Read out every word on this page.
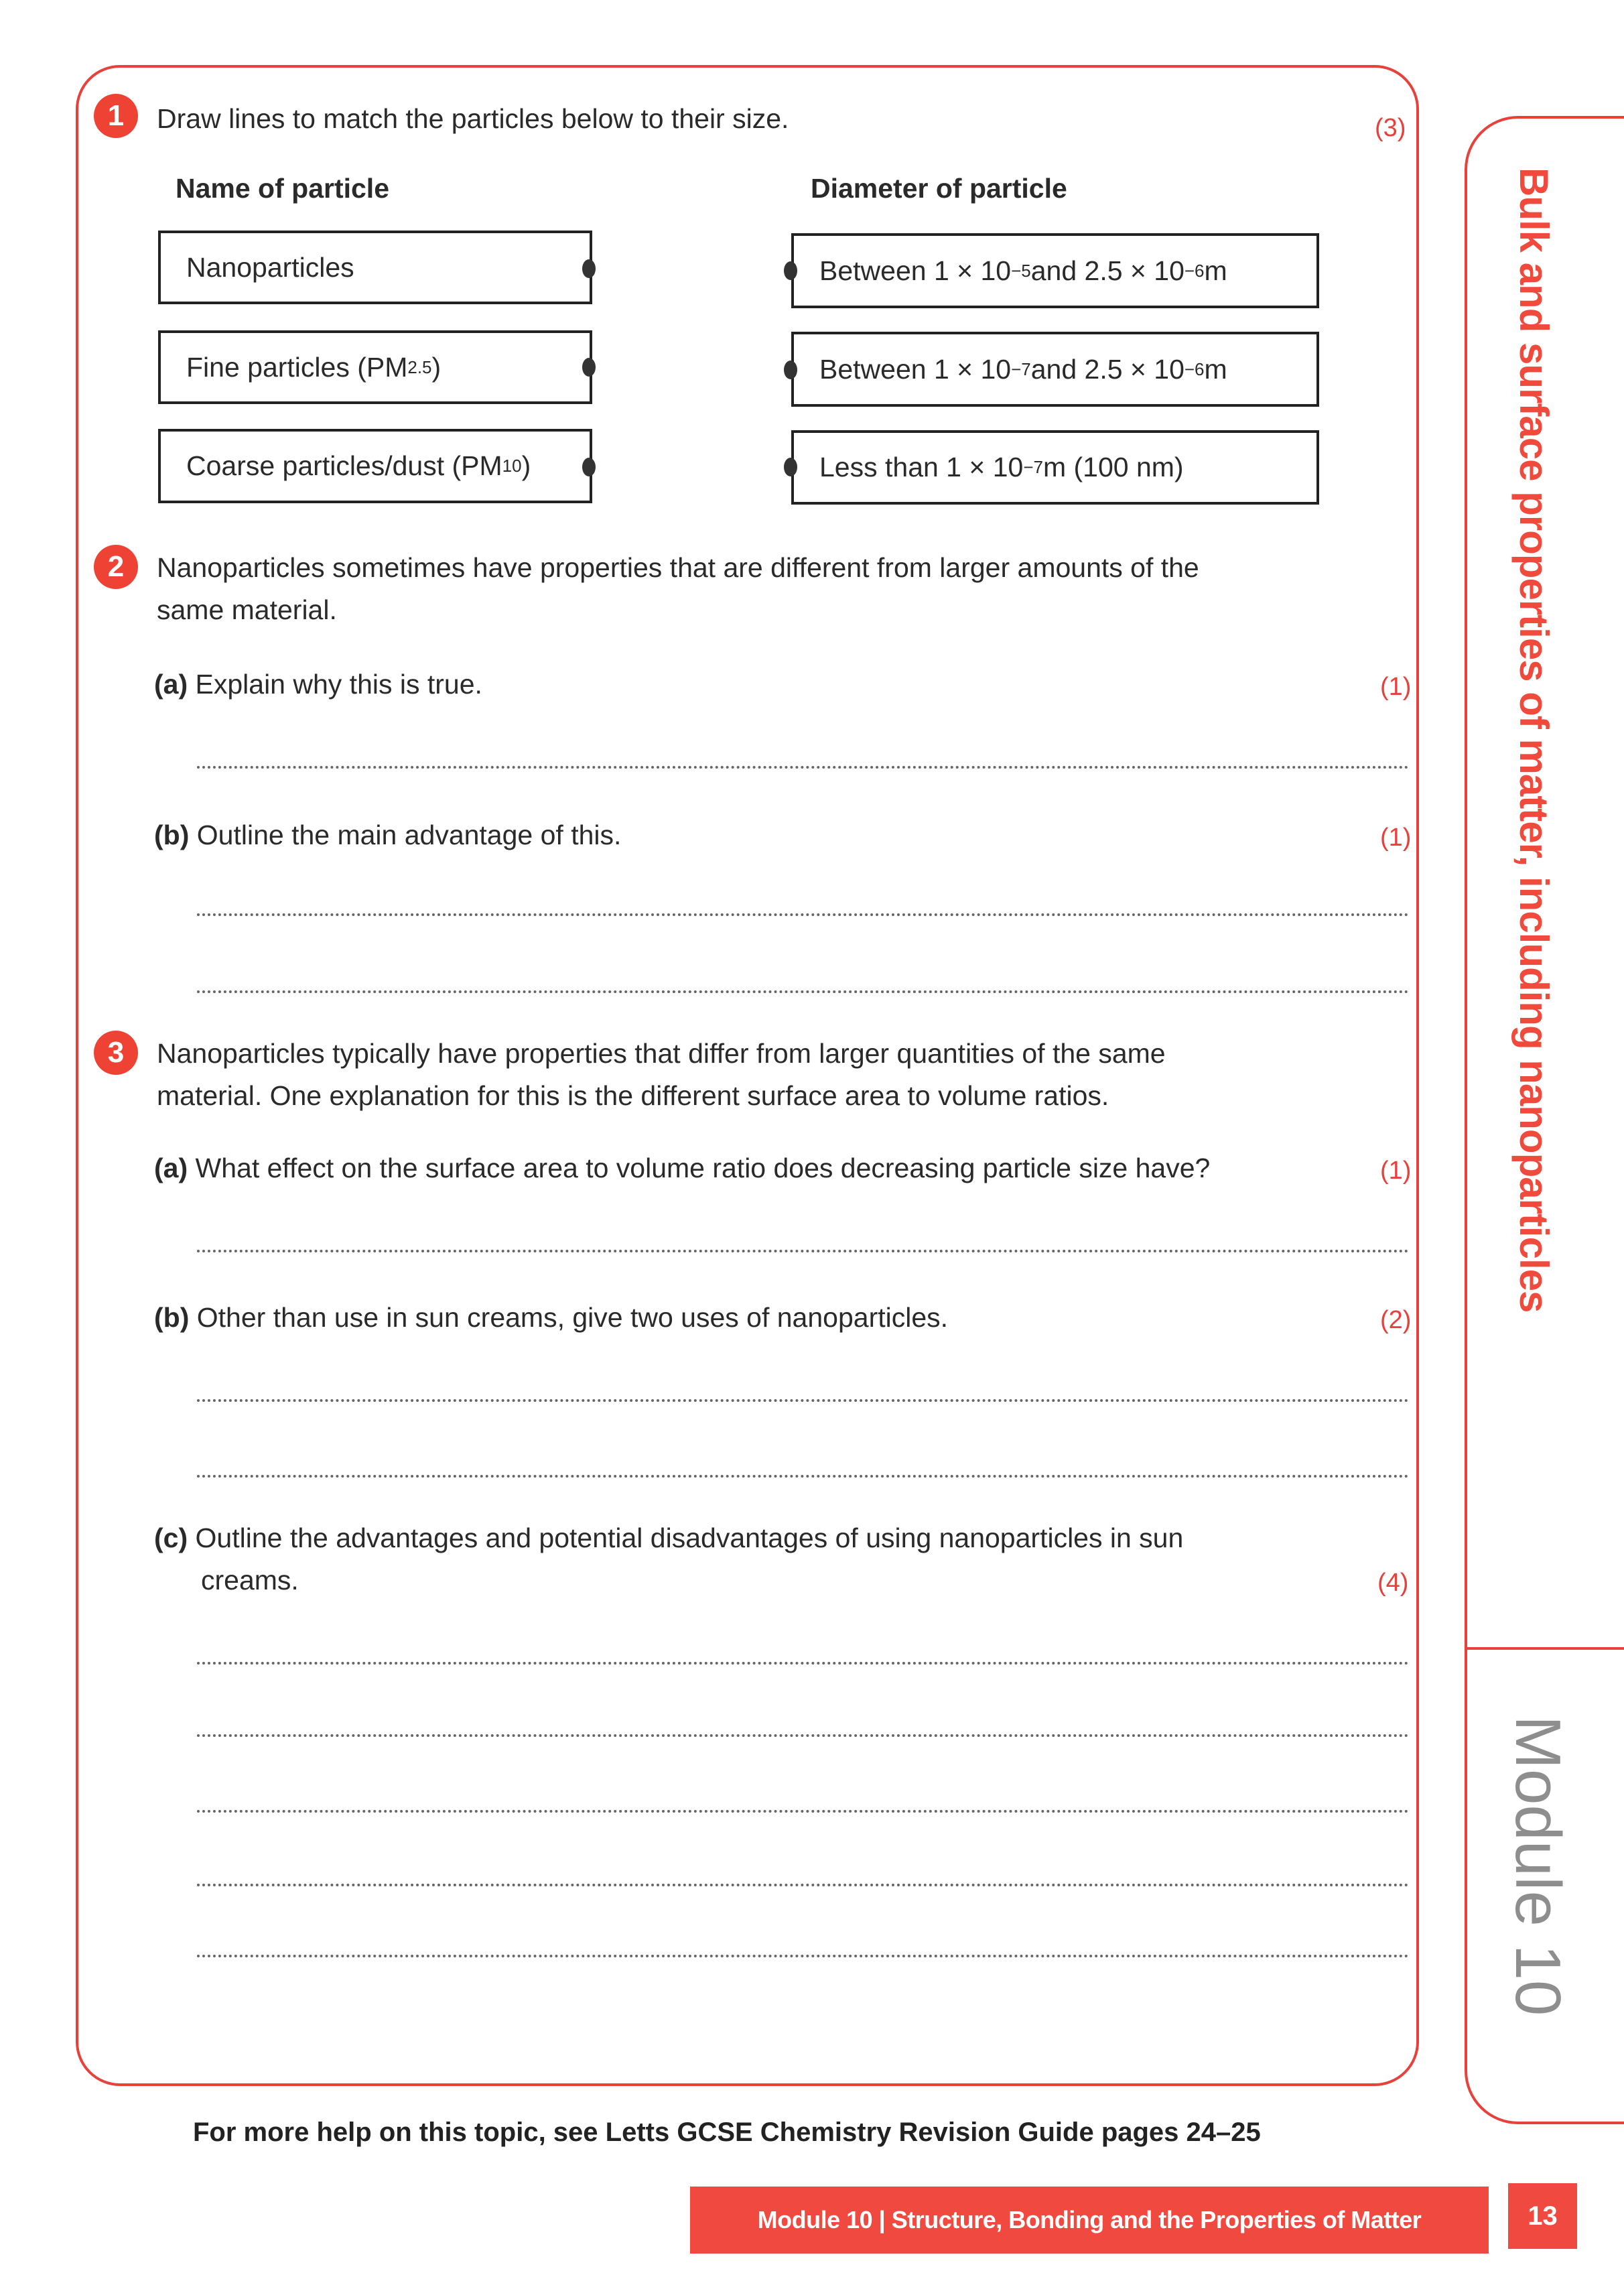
Bulk and surface properties of matter, including nanoparticles
Module 10
1	Draw lines to match the particles below to their size.	(3)
Name of particle	Diameter of particle
Nanoparticles
Fine particles (PM 2.5 )
Coarse particles/dust (PM 10 )
Between 1 × 10 −5 and 2.5 × 10 −6 m
Between 1 × 10 −7 and 2.5 × 10 −6 m
Less than 1 × 10 −7 m (100 nm)
2	Nanoparticles sometimes have properties that are different from larger amounts of the
same material.
(a) Explain why this is true.	(1)
(b) Outline the main advantage of this.	(1)
3	Nanoparticles typically have properties that differ from larger quantities of the same
material. One explanation for this is the different surface area to volume ratios.
(a) What effect on the surface area to volume ratio does decreasing particle size have?	(1)
(b) Other than use in sun creams, give two uses of nanoparticles.	(2)
(c) Outline the advantages and potential disadvantages of using nanoparticles in sun
creams.	(4)
For more help on this topic, see Letts GCSE Chemistry Revision Guide pages 24–25
Module 10 | Structure, Bonding and the Properties of Matter	13
